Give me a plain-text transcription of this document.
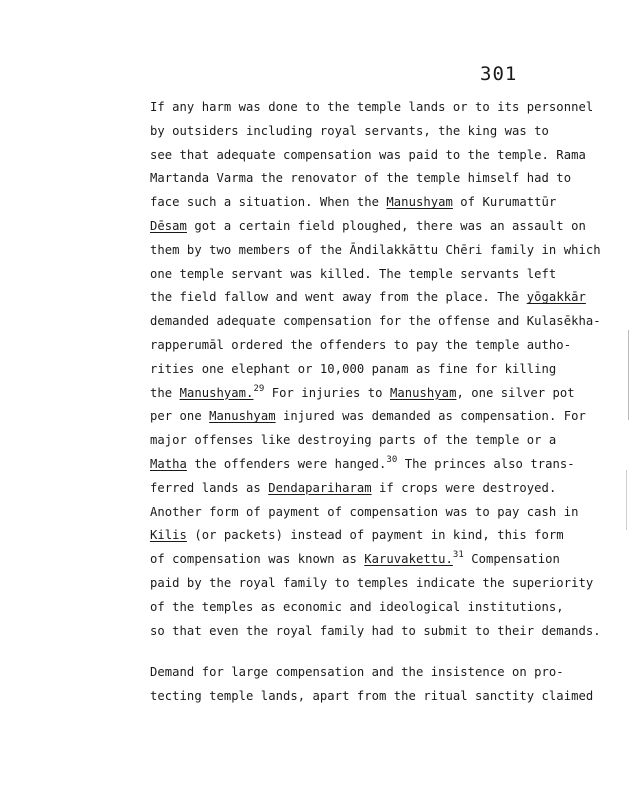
301
If any harm was done to the temple lands or to its personnel
by outsiders including royal servants, the king was to
see that adequate compensation was paid to the temple. Rama
Martanda Varma the renovator of the temple himself had to
face such a situation. When the Manushyam of Kurumattūr
Dēsam got a certain field ploughed, there was an assault on
them by two members of the Āndilakkāttu Chēri family in which
one temple servant was killed. The temple servants left
the field fallow and went away from the place. The yōgakkār
demanded adequate compensation for the offense and Kulasēkha-
rapperumāl ordered the offenders to pay the temple autho-
rities one elephant or 10,000 panam as fine for killing
the Manushyam.$^{29}$ For injuries to Manushyam, one silver pot
per one Manushyam injured was demanded as compensation. For
major offenses like destroying parts of the temple or a
Matha the offenders were hanged.$^{30}$ The princes also trans-
ferred lands as Dendapariharam if crops were destroyed.
Another form of payment of compensation was to pay cash in
Kilis (or packets) instead of payment in kind, this form
of compensation was known as Karuvakettu.$^{31}$ Compensation
paid by the royal family to temples indicate the superiority
of the temples as economic and ideological institutions,
so that even the royal family had to submit to their demands.
Demand for large compensation and the insistence on pro-
tecting temple lands, apart from the ritual sanctity claimed
